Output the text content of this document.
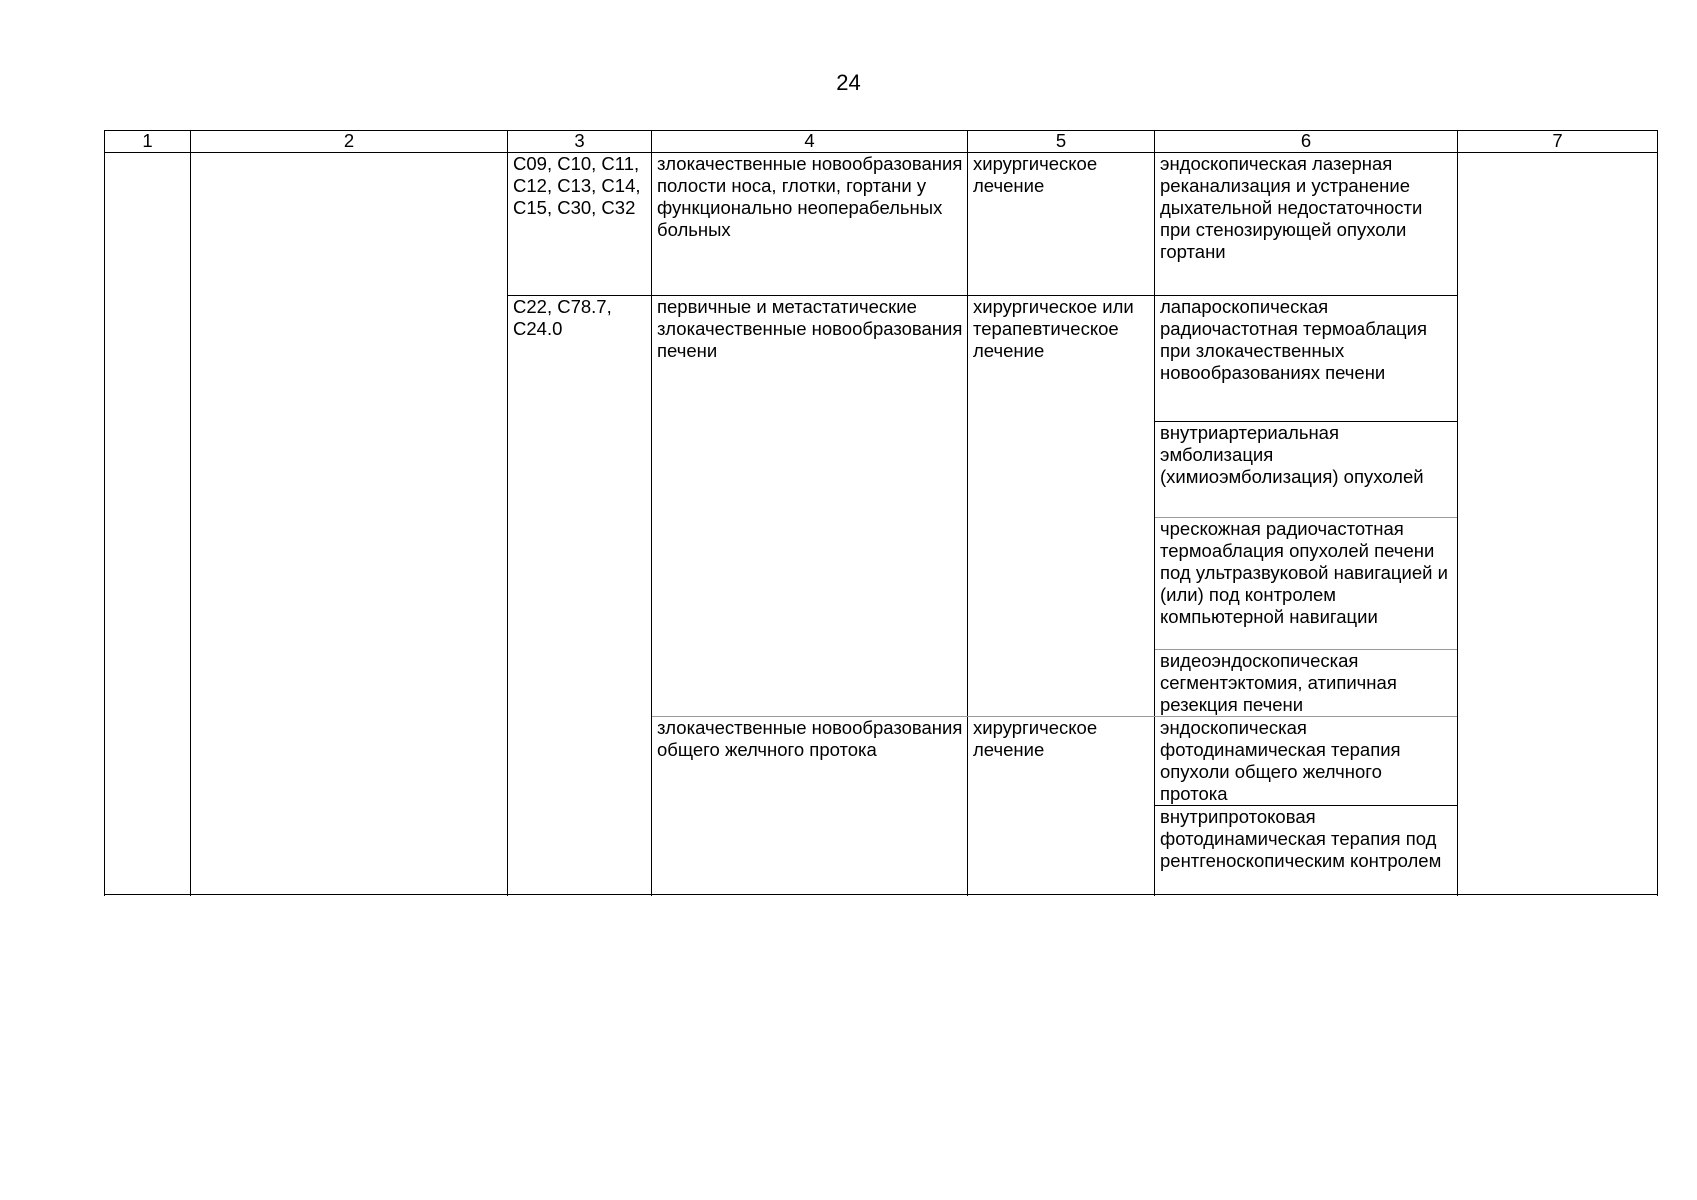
24
1	2	3	4	5	6	7
		С09, С10, С11, С12, С13, С14, С15, С30, С32	злокачественные новообразования полости носа, глотки, гортани у функционально неоперабельных больных	хирургическое лечение	эндоскопическая лазерная реканализация и устранение дыхательной недостаточности при стенозирующей опухоли гортани	
		С22, С78.7, С24.0	первичные и метастатические злокачественные новообразования печени	хирургическое или терапевтическое лечение	лапароскопическая радиочастотная термоаблация при злокачественных новообразованиях печени	
					внутриартериальная эмболизация (химиоэмболизация) опухолей	
					чрескожная радиочастотная термоаблация опухолей печени под ультразвуковой навигацией и (или) под контролем компьютерной навигации	
					видеоэндоскопическая сегментэктомия, атипичная резекция печени	
			злокачественные новообразования общего желчного протока	хирургическое лечение	эндоскопическая фотодинамическая терапия опухоли общего желчного протока	
					внутрипротоковая фотодинамическая терапия под рентгеноскопическим контролем	
